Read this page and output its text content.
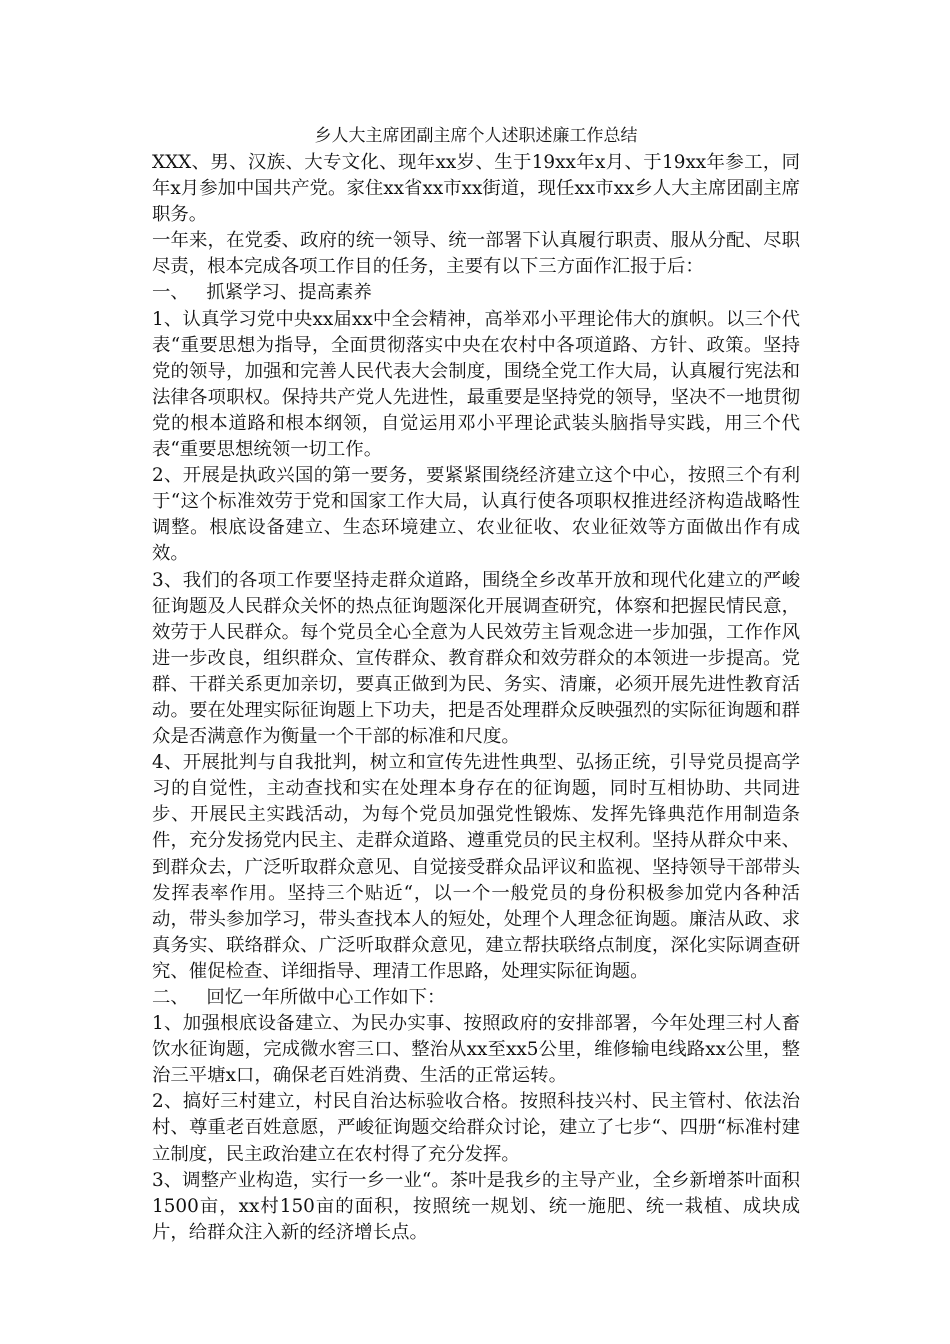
乡人大主席团副主席个人述职述廉工作总结

XXX、男、汉族、大专文化、现年xx岁、生于19xx年x月、于19xx年参工，同年x月参加中国共产党。家住xx省xx市xx街道，现任xx市xx乡人大主席团副主席职务。

一年来，在党委、政府的统一领导、统一部署下认真履行职责、服从分配、尽职尽责，根本完成各项工作目的任务，主要有以下三方面作汇报于后：

一、   抓紧学习、提高素养

1、认真学习党中央xx届xx中全会精神，高举邓小平理论伟大的旗帜。以三个代表“重要思想为指导，全面贯彻落实中央在农村中各项道路、方针、政策。坚持党的领导，加强和完善人民代表大会制度，围绕全党工作大局，认真履行宪法和法律各项职权。保持共产党人先进性，最重要是坚持党的领导，坚决不一地贯彻党的根本道路和根本纲领，自觉运用邓小平理论武装头脑指导实践，用三个代表“重要思想统领一切工作。

2、开展是执政兴国的第一要务，要紧紧围绕经济建立这个中心，按照三个有利于“这个标准效劳于党和国家工作大局，认真行使各项职权推进经济构造战略性调整。根底设备建立、生态环境建立、农业征收、农业征效等方面做出作有成效。

3、我们的各项工作要坚持走群众道路，围绕全乡改革开放和现代化建立的严峻征询题及人民群众关怀的热点征询题深化开展调查研究，体察和把握民情民意，效劳于人民群众。每个党员全心全意为人民效劳主旨观念进一步加强，工作作风进一步改良，组织群众、宣传群众、教育群众和效劳群众的本领进一步提高。党群、干群关系更加亲切，要真正做到为民、务实、清廉，必须开展先进性教育活动。要在处理实际征询题上下功夫，把是否处理群众反映强烈的实际征询题和群众是否满意作为衡量一个干部的标准和尺度。

4、开展批判与自我批判，树立和宣传先进性典型、弘扬正统，引导党员提高学习的自觉性，主动查找和实在处理本身存在的征询题，同时互相协助、共同进步、开展民主实践活动，为每个党员加强党性锻炼、发挥先锋典范作用制造条件，充分发扬党内民主、走群众道路、遵重党员的民主权利。坚持从群众中来、到群众去，广泛听取群众意见、自觉接受群众品评议和监视、坚持领导干部带头发挥表率作用。坚持三个贴近“，以一个一般党员的身份积极参加党内各种活动，带头参加学习，带头查找本人的短处，处理个人理念征询题。廉洁从政、求真务实、联络群众、广泛听取群众意见，建立帮扶联络点制度，深化实际调查研究、催促检查、详细指导、理清工作思路，处理实际征询题。

二、   回忆一年所做中心工作如下：

1、加强根底设备建立、为民办实事、按照政府的安排部署，今年处理三村人畜饮水征询题，完成微水窖三口、整治从xx至xx5公里，维修输电线路xx公里，整治三平塘x口，确保老百姓消费、生活的正常运转。

2、搞好三村建立，村民自治达标验收合格。按照科技兴村、民主管村、依法治村、尊重老百姓意愿，严峻征询题交给群众讨论，建立了七步“、四册“标准村建立制度，民主政治建立在农村得了充分发挥。

3、调整产业构造，实行一乡一业“。茶叶是我乡的主导产业，全乡新增茶叶面积1500亩，xx村150亩的面积，按照统一规划、统一施肥、统一栽植、成块成片，给群众注入新的经济增长点。
